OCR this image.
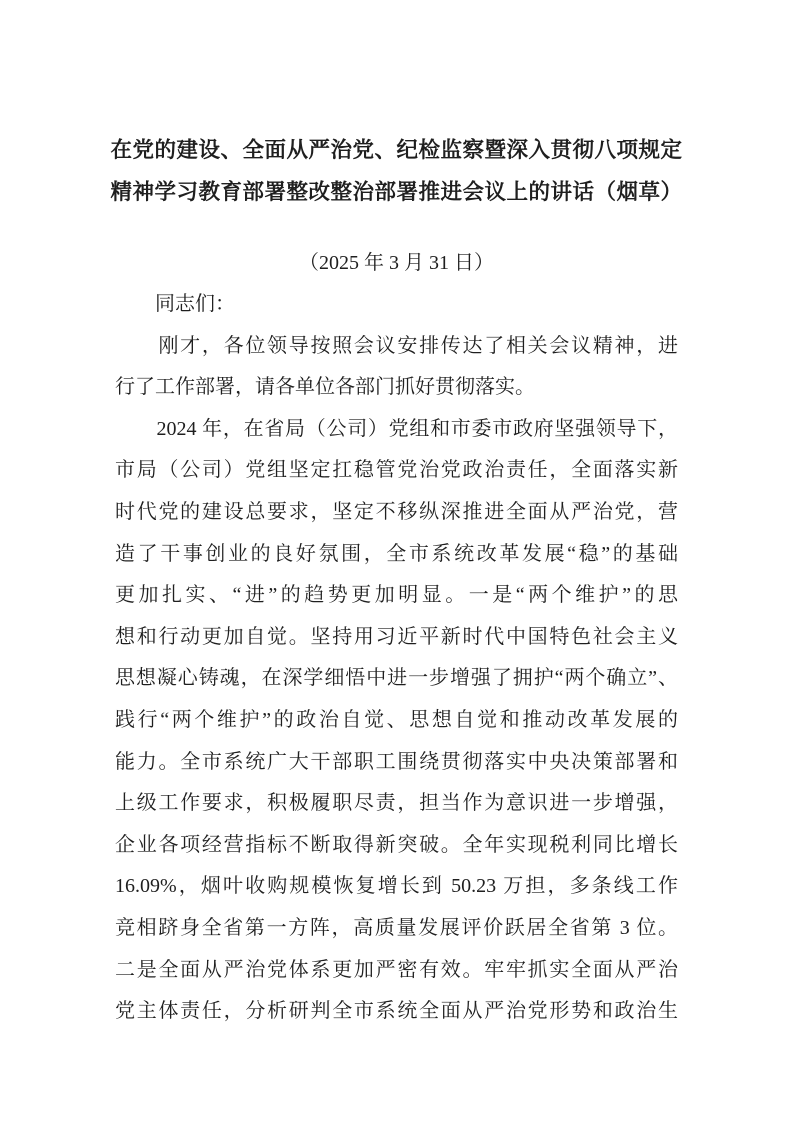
在党的建设、全面从严治党、纪检监察暨深入贯彻八项规定
精神学习教育部署整改整治部署推进会议上的讲话（烟草）
（2025 年 3 月 31 日）
　　同志们：
　　刚才，各位领导按照会议安排传达了相关会议精神，进
行了工作部署，请各单位各部门抓好贯彻落实。
　　2024 年，在省局（公司）党组和市委市政府坚强领导下，
市局（公司）党组坚定扛稳管党治党政治责任，全面落实新
时代党的建设总要求，坚定不移纵深推进全面从严治党，营
造了干事创业的良好氛围，全市系统改革发展“稳”的基础
更加扎实、“进”的趋势更加明显。一是“两个维护”的思
想和行动更加自觉。坚持用习近平新时代中国特色社会主义
思想凝心铸魂，在深学细悟中进一步增强了拥护“两个确立”、
践行“两个维护”的政治自觉、思想自觉和推动改革发展的
能力。全市系统广大干部职工围绕贯彻落实中央决策部署和
上级工作要求，积极履职尽责，担当作为意识进一步增强，
企业各项经营指标不断取得新突破。全年实现税利同比增长
16.09%，烟叶收购规模恢复增长到 50.23 万担，多条线工作
竞相跻身全省第一方阵，高质量发展评价跃居全省第 3 位。
二是全面从严治党体系更加严密有效。牢牢抓实全面从严治
党主体责任，分析研判全市系统全面从严治党形势和政治生
